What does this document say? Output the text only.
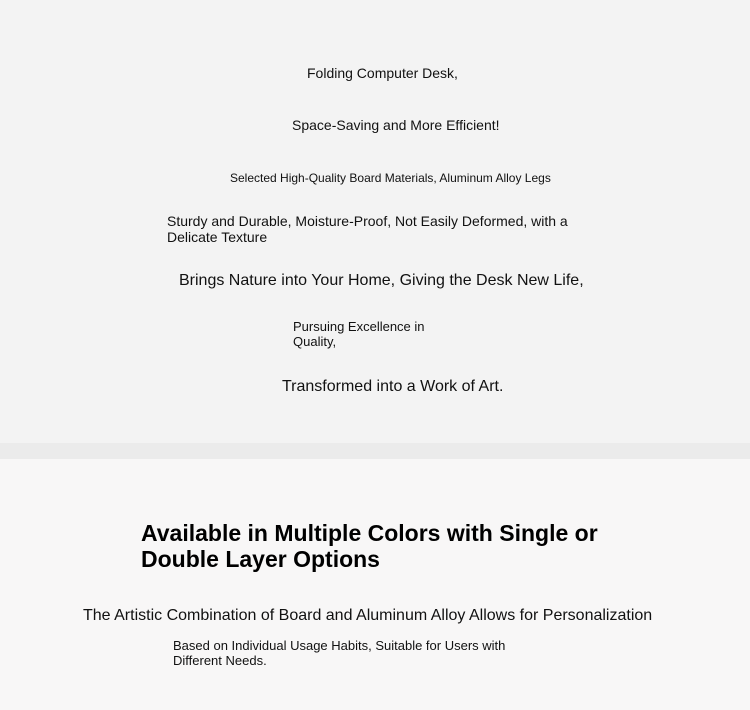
Folding Computer Desk,
Space-Saving and More Efficient!
Selected High-Quality Board Materials, Aluminum Alloy Legs
Sturdy and Durable, Moisture-Proof, Not Easily Deformed, with a Delicate Texture
Brings Nature into Your Home, Giving the Desk New Life,
Pursuing Excellence in Quality,
Transformed into a Work of Art.
Available in Multiple Colors with Single or Double Layer Options
The Artistic Combination of Board and Aluminum Alloy Allows for Personalization
Based on Individual Usage Habits, Suitable for Users with Different Needs.
